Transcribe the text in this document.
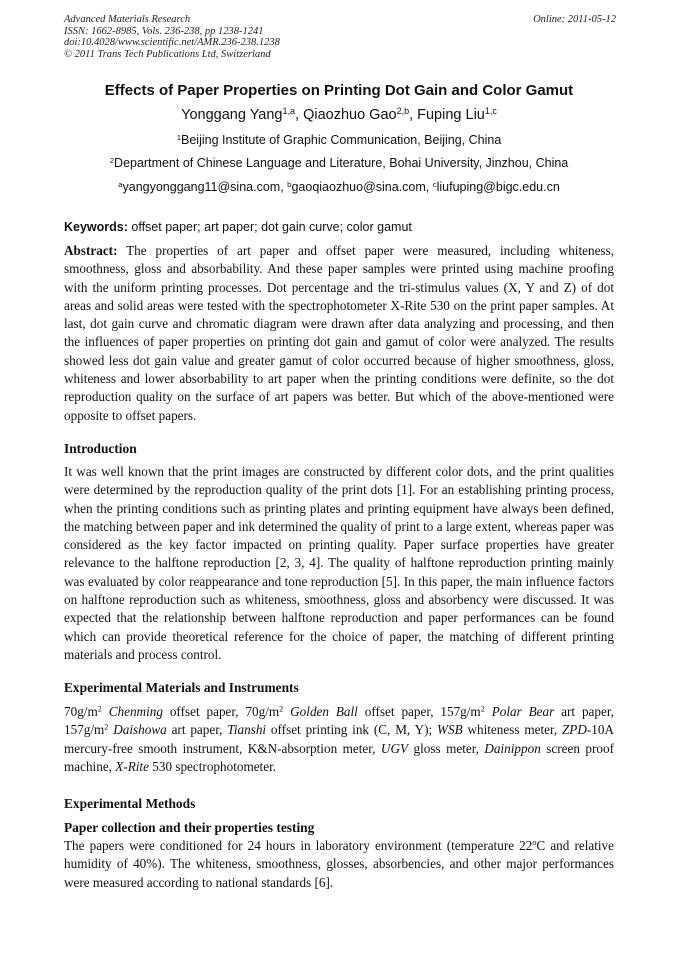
Advanced Materials Research
ISSN: 1662-8985, Vols. 236-238, pp 1238-1241
doi:10.4028/www.scientific.net/AMR.236-238.1238
© 2011 Trans Tech Publications Ltd, Switzerland
Online: 2011-05-12
Effects of Paper Properties on Printing Dot Gain and Color Gamut
Yonggang Yang$^{1,a}$, Qiaozhuo Gao$^{2,b}$, Fuping Liu$^{1,c}$
$^1$Beijing Institute of Graphic Communication, Beijing, China
$^2$Department of Chinese Language and Literature, Bohai University, Jinzhou, China
$^a$yangyonggang11@sina.com, $^b$gaoqiaozhuo@sina.com, $^c$liufuping@bigc.edu.cn
Keywords: offset paper; art paper; dot gain curve; color gamut

Abstract: The properties of art paper and offset paper were measured, including whiteness, smoothness, gloss and absorbability. And these paper samples were printed using machine proofing with the uniform printing processes. Dot percentage and the tri-stimulus values (X, Y and Z) of dot areas and solid areas were tested with the spectrophotometer X-Rite 530 on the print paper samples. At last, dot gain curve and chromatic diagram were drawn after data analyzing and processing, and then the influences of paper properties on printing dot gain and gamut of color were analyzed. The results showed less dot gain value and greater gamut of color occurred because of higher smoothness, gloss, whiteness and lower absorbability to art paper when the printing conditions were definite, so the dot reproduction quality on the surface of art papers was better. But which of the above-mentioned were opposite to offset papers.

Introduction
It was well known that the print images are constructed by different color dots, and the print qualities were determined by the reproduction quality of the print dots [1]. For an establishing printing process, when the printing conditions such as printing plates and printing equipment have always been defined, the matching between paper and ink determined the quality of print to a large extent, whereas paper was considered as the key factor impacted on printing quality. Paper surface properties have greater relevance to the halftone reproduction [2, 3, 4]. The quality of halftone reproduction printing mainly was evaluated by color reappearance and tone reproduction [5]. In this paper, the main influence factors on halftone reproduction such as whiteness, smoothness, gloss and absorbency were discussed. It was expected that the relationship between halftone reproduction and paper performances can be found which can provide theoretical reference for the choice of paper, the matching of different printing materials and process control.
Experimental Materials and Instruments
$70g/m^2$ Chenming offset paper, $70g/m^2$ Golden Ball offset paper, $157g/m^2$ Polar Bear art paper, $157g/m^2$ Daishowa art paper, Tianshi offset printing ink (C, M, Y); WSB whiteness meter, ZPD-10A mercury-free smooth instrument, K&N-absorption meter, UGV gloss meter, Dainippon screen proof machine, X-Rite 530 spectrophotometer.
Experimental Methods
Paper collection and their properties testing
The papers were conditioned for 24 hours in laboratory environment (temperature 22ºC and relative humidity of 40%). The whiteness, smoothness, glosses, absorbencies, and other major performances were measured according to national standards [6].
